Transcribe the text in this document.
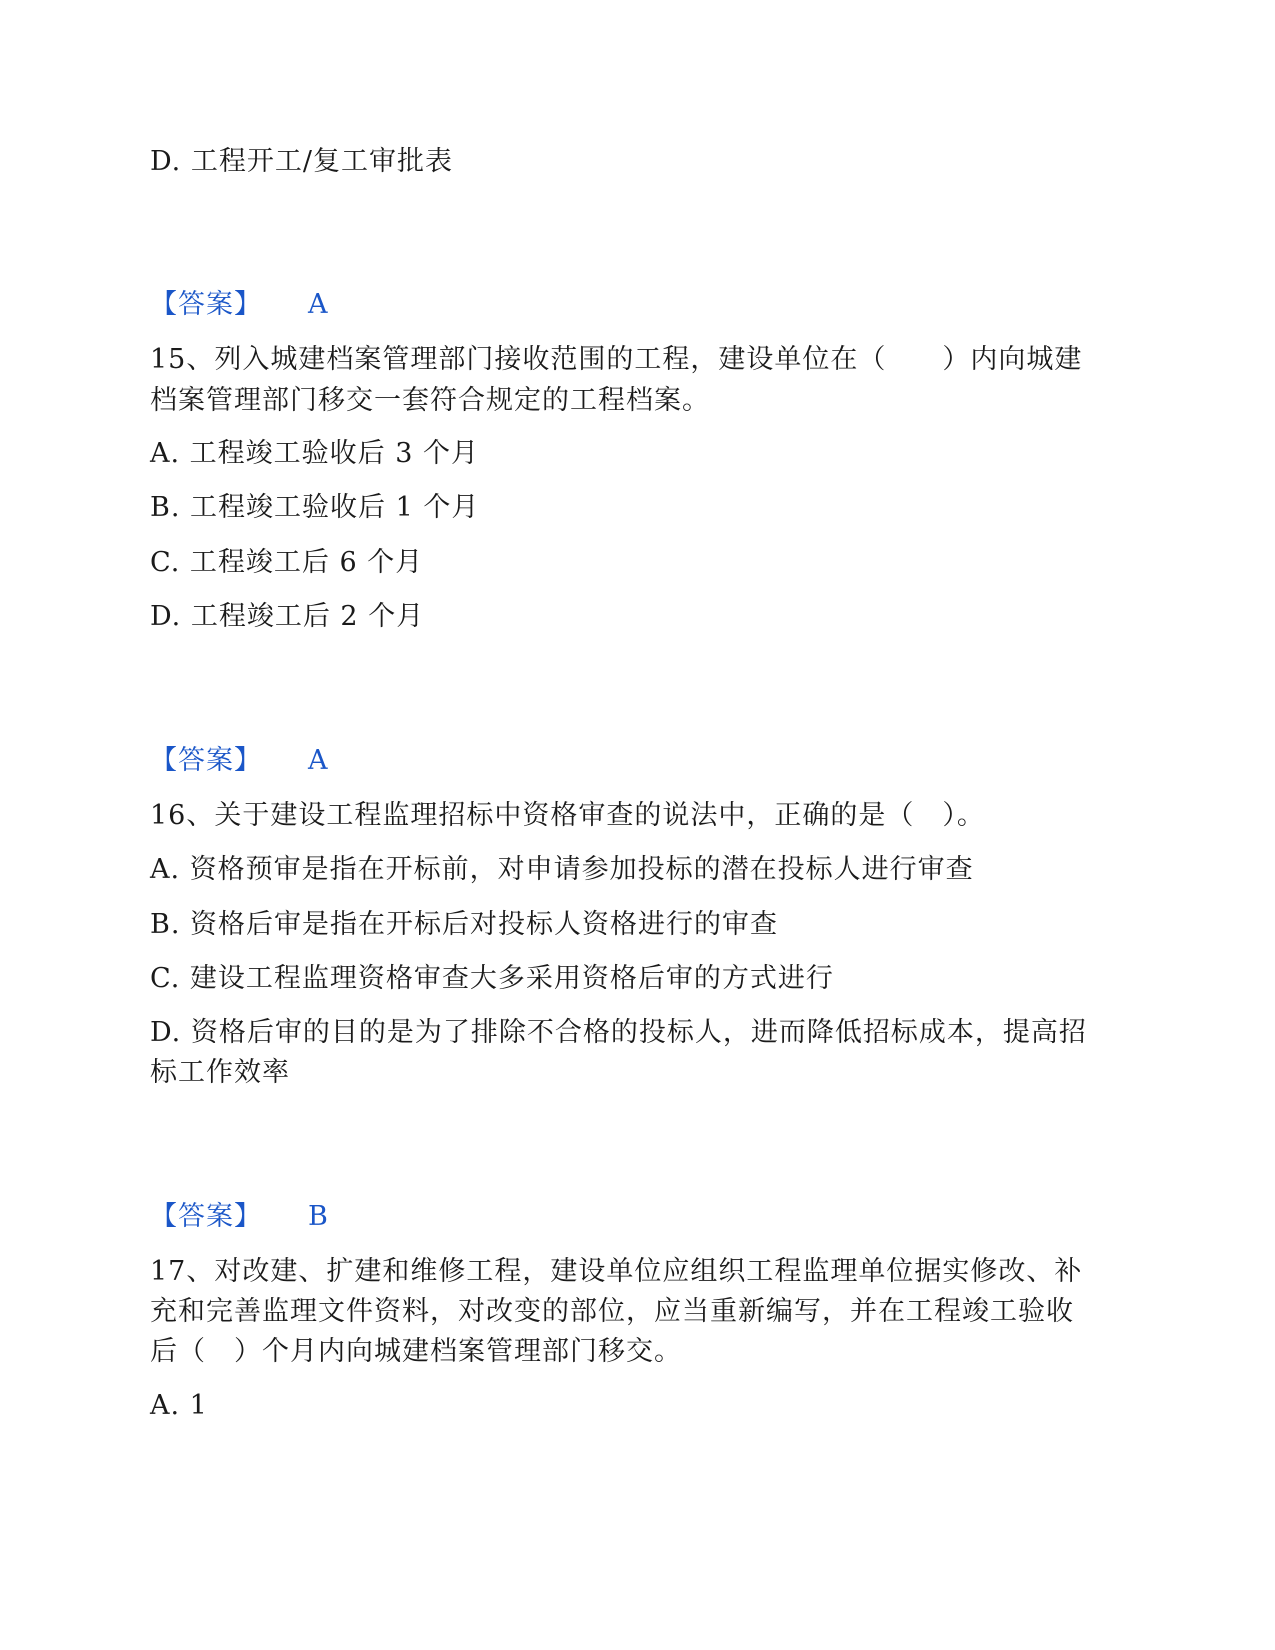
D. 工程开工/复工审批表
【答案】 A
15、列入城建档案管理部门接收范围的工程，建设单位在（　　）内向城建
档案管理部门移交一套符合规定的工程档案。
A. 工程竣工验收后 3 个月
B. 工程竣工验收后 1 个月
C. 工程竣工后 6 个月
D. 工程竣工后 2 个月
【答案】 A
16、关于建设工程监理招标中资格审查的说法中，正确的是（　）。
A. 资格预审是指在开标前，对申请参加投标的潜在投标人进行审查
B. 资格后审是指在开标后对投标人资格进行的审查
C. 建设工程监理资格审查大多采用资格后审的方式进行
D. 资格后审的目的是为了排除不合格的投标人，进而降低招标成本，提高招
标工作效率
【答案】 B
17、对改建、扩建和维修工程，建设单位应组织工程监理单位据实修改、补
充和完善监理文件资料，对改变的部位，应当重新编写，并在工程竣工验收
后（　）个月内向城建档案管理部门移交。
A. 1
